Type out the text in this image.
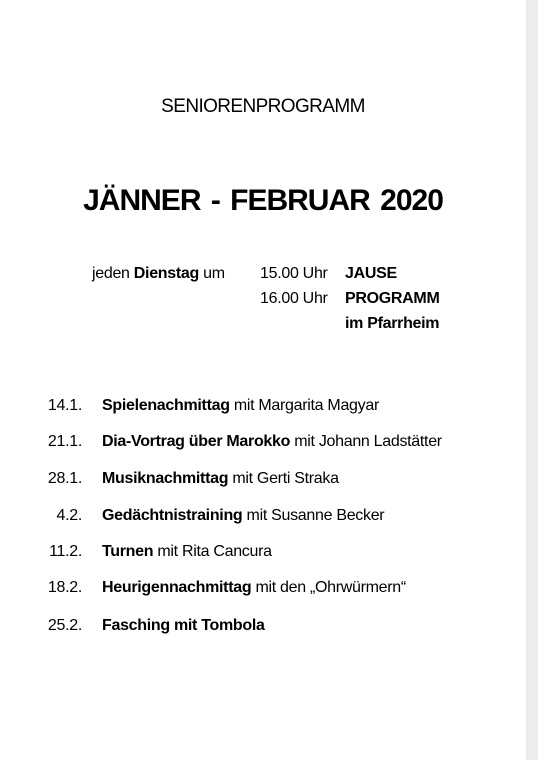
SENIORENPROGRAMM
JÄNNER - FEBRUAR 2020
jeden Dienstag um 15.00 Uhr JAUSE
16.00 Uhr PROGRAMM
im Pfarrheim
14.1. Spielenachmittag mit Margarita Magyar
21.1. Dia-Vortrag über Marokko mit Johann Ladstätter
28.1. Musiknachmittag mit Gerti Straka
4.2. Gedächtnistraining mit Susanne Becker
11.2. Turnen mit Rita Cancura
18.2. Heurigennachmittag mit den „Ohrwürmern“
25.2. Fasching mit Tombola
